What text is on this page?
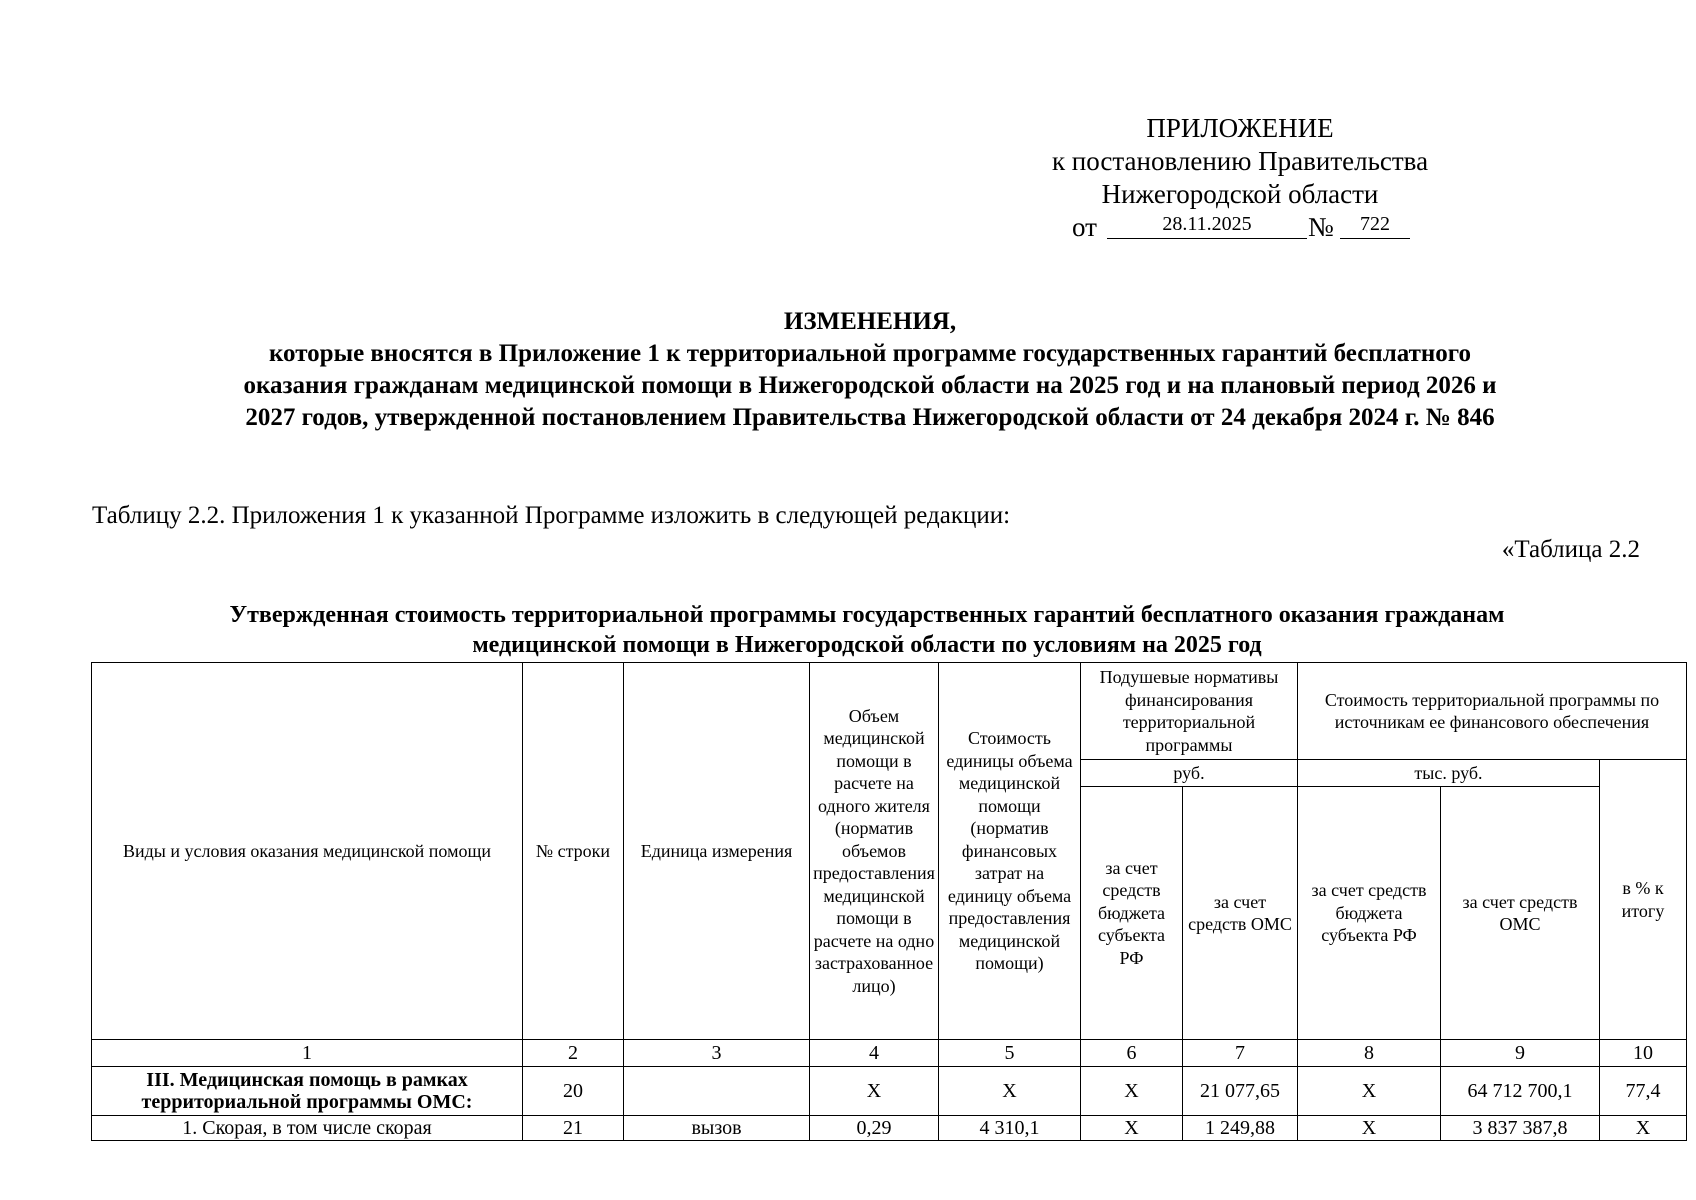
ПРИЛОЖЕНИЕ
к постановлению Правительства
Нижегородской области
от	28.11.2025	№	722
ИЗМЕНЕНИЯ,
которые вносятся в Приложение 1 к территориальной программе государственных гарантий бесплатного
оказания гражданам медицинской помощи в Нижегородской области на 2025 год и на плановый период 2026 и
2027 годов, утвержденной постановлением Правительства Нижегородской области от 24 декабря 2024 г. № 846
Таблицу 2.2. Приложения 1 к указанной Программе изложить в следующей редакции:
«Таблица 2.2
Утвержденная стоимость территориальной программы государственных гарантий бесплатного оказания гражданам
медицинской помощи в Нижегородской области по условиям на 2025 год
Виды и условия оказания медицинской помощи	№ строки	Единица измерения	Объем медицинской помощи в расчете на одного жителя (норматив объемов предоставления медицинской помощи в расчете на одно застрахованное лицо)	Стоимость единицы объема медицинской помощи (норматив финансовых затрат на единицу объема предоставления медицинской помощи)	Подушевые нормативы финансирования территориальной программы		Стоимость территориальной программы по источникам ее финансового обеспечения		
					руб.		тыс. руб.		в % к итогу
					за счет средств бюджета субъекта РФ	за счет средств ОМС	за счет средств бюджета субъекта РФ	за счет средств ОМС	
1	2	3	4	5	6	7	8	9	10
III. Медицинская помощь в рамках территориальной программы ОМС:	20		X	X	X	21 077,65	X	64 712 700,1	77,4
1. Скорая, в том числе скорая	21	вызов	0,29	4 310,1	X	1 249,88	X	3 837 387,8	X
